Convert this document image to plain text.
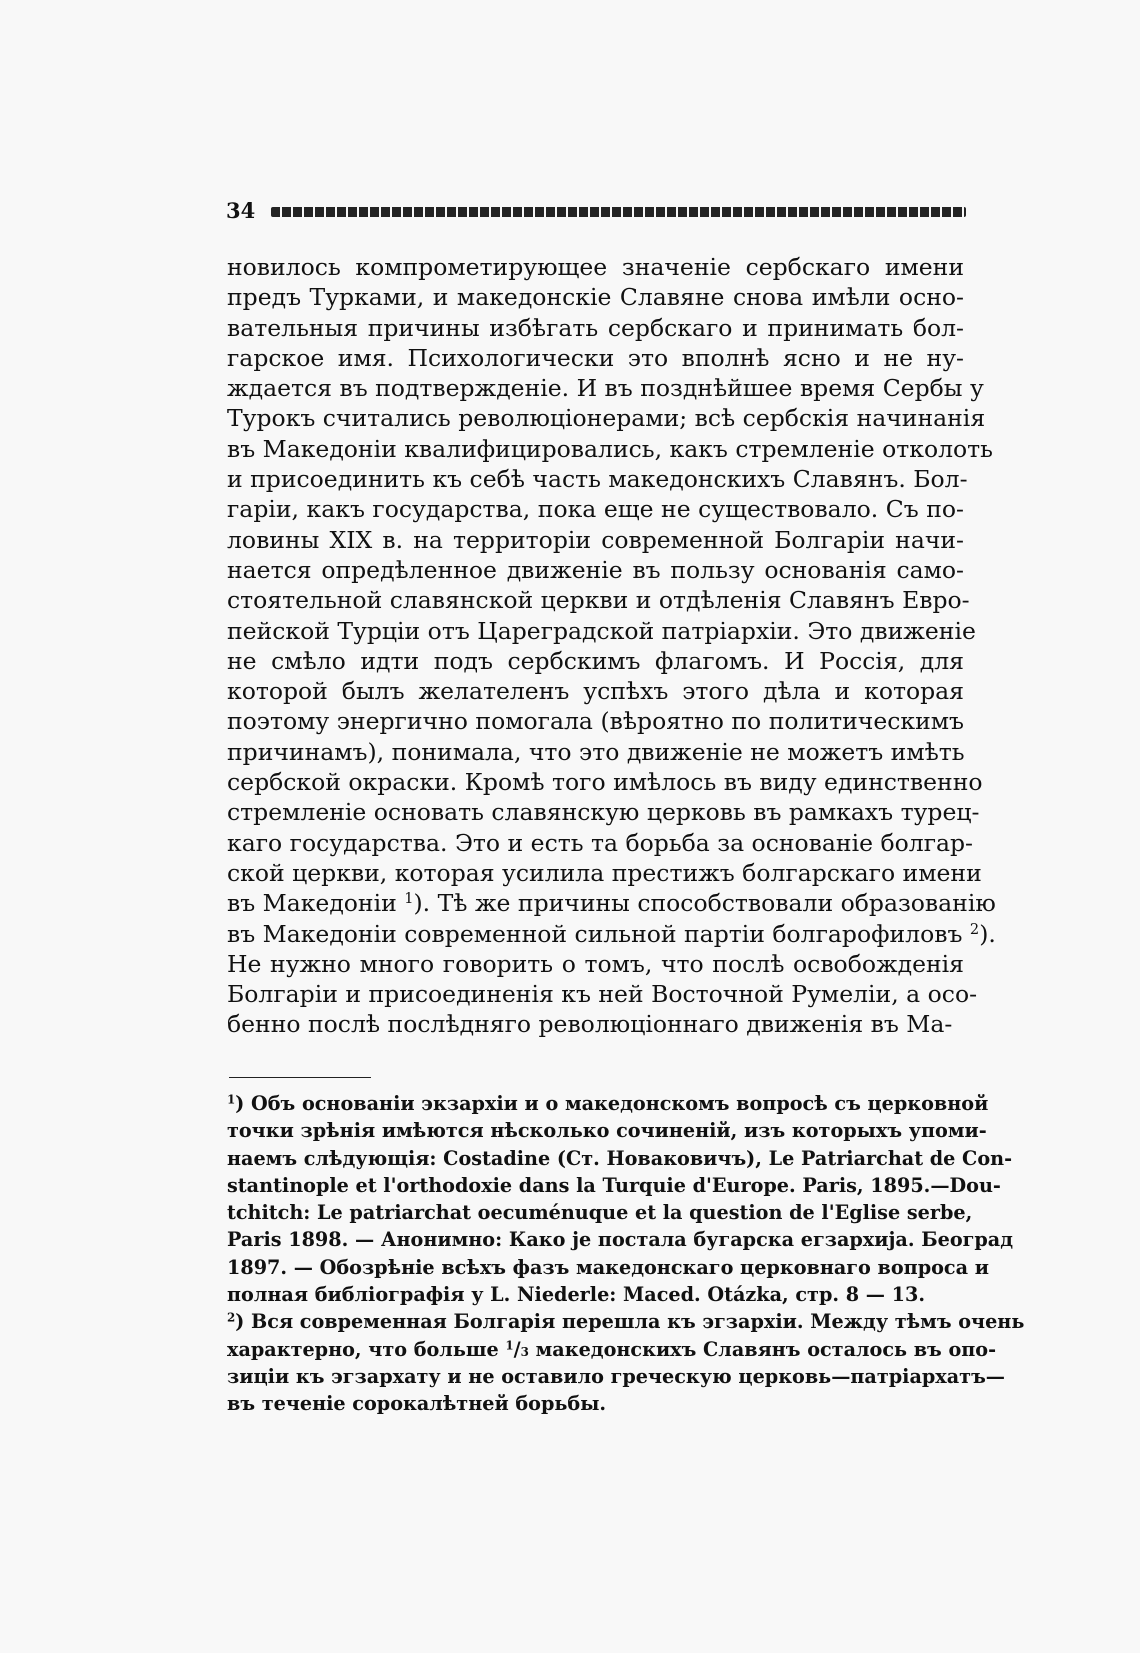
34
новилось компрометирующее значенiе сербскаго имени
предъ Турками, и македонскiе Славяне снова имѣли осно-
вательныя причины избѣгать сербскаго и принимать бол-
гарское имя. Психологически это вполнѣ ясно и не ну-
ждается въ подтвержденiе. И въ позднѣйшее время Сербы у
Турокъ считались революцiонерами; всѣ сербскiя начинанiя
въ Македонiи квалифицировались, какъ стремленiе отколоть
и присоединить къ себѣ часть македонскихъ Славянъ. Бол-
гарiи, какъ государства, пока еще не существовало. Съ по-
ловины XIX в. на территорiи современной Болгарiи начи-
нается опредѣленное движенiе въ пользу основанiя само-
стоятельной славянской церкви и отдѣленiя Славянъ Евро-
пейской Турцiи отъ Цареградской патрiархiи. Это движенiе
не смѣло идти подъ сербскимъ флагомъ. И Россiя, для
которой былъ желателенъ успѣхъ этого дѣла и которая
поэтому энергично помогала (вѣроятно по политическимъ
причинамъ), понимала, что это движенiе не можетъ имѣть
сербской окраски. Кромѣ того имѣлось въ виду единственно
стремленiе основать славянскую церковь въ рамкахъ турец-
каго государства. Это и есть та борьба за основанiе болгар-
ской церкви, которая усилила престижъ болгарскаго имени
въ Македонiи $^1$). Тѣ же причины способствовали образованiю
въ Македонiи современной сильной партiи болгарофиловъ $^2$).
Не нужно много говорить о томъ, что послѣ освобожденiя
Болгарiи и присоединенiя къ ней Восточной Румелiи, а осо-
бенно послѣ послѣдняго революцiоннаго движенiя въ Ма-
$^1$) Объ основанiи экзархiи и о македонскомъ вопросѣ съ церковной
точки зрѣнiя имѣются нѣсколько сочиненiй, изъ которыхъ упоми-
наемъ слѣдующiя: Costadine (Ст. Новаковичъ), Le Patriarchat de Con-
stantinople et l'orthodoxie dans la Turquie d'Europe. Paris, 1895.—Dou-
tchitch: Le patriarchat oecuménuque et la question de l'Eglise serbe,
Paris 1898. — Анонимно: Како je постала бугарска егзархиjа. Београд
1897. — Обозрѣнiе всѣхъ фазъ македонскаго церковнаго вопроса и
полная библiографiя у L. Niederle: Maced. Otázka, стр. 8 — 13.
$^2$) Вся современная Болгарiя перешла къ эгзархiи. Между тѣмъ очень
характерно, что больше $^1$/3 македонскихъ Славянъ осталось въ опо-
зицiи къ эгзархату и не оставило греческую церковь—патрiархатъ—
въ теченiе сорокалѣтней борьбы.
